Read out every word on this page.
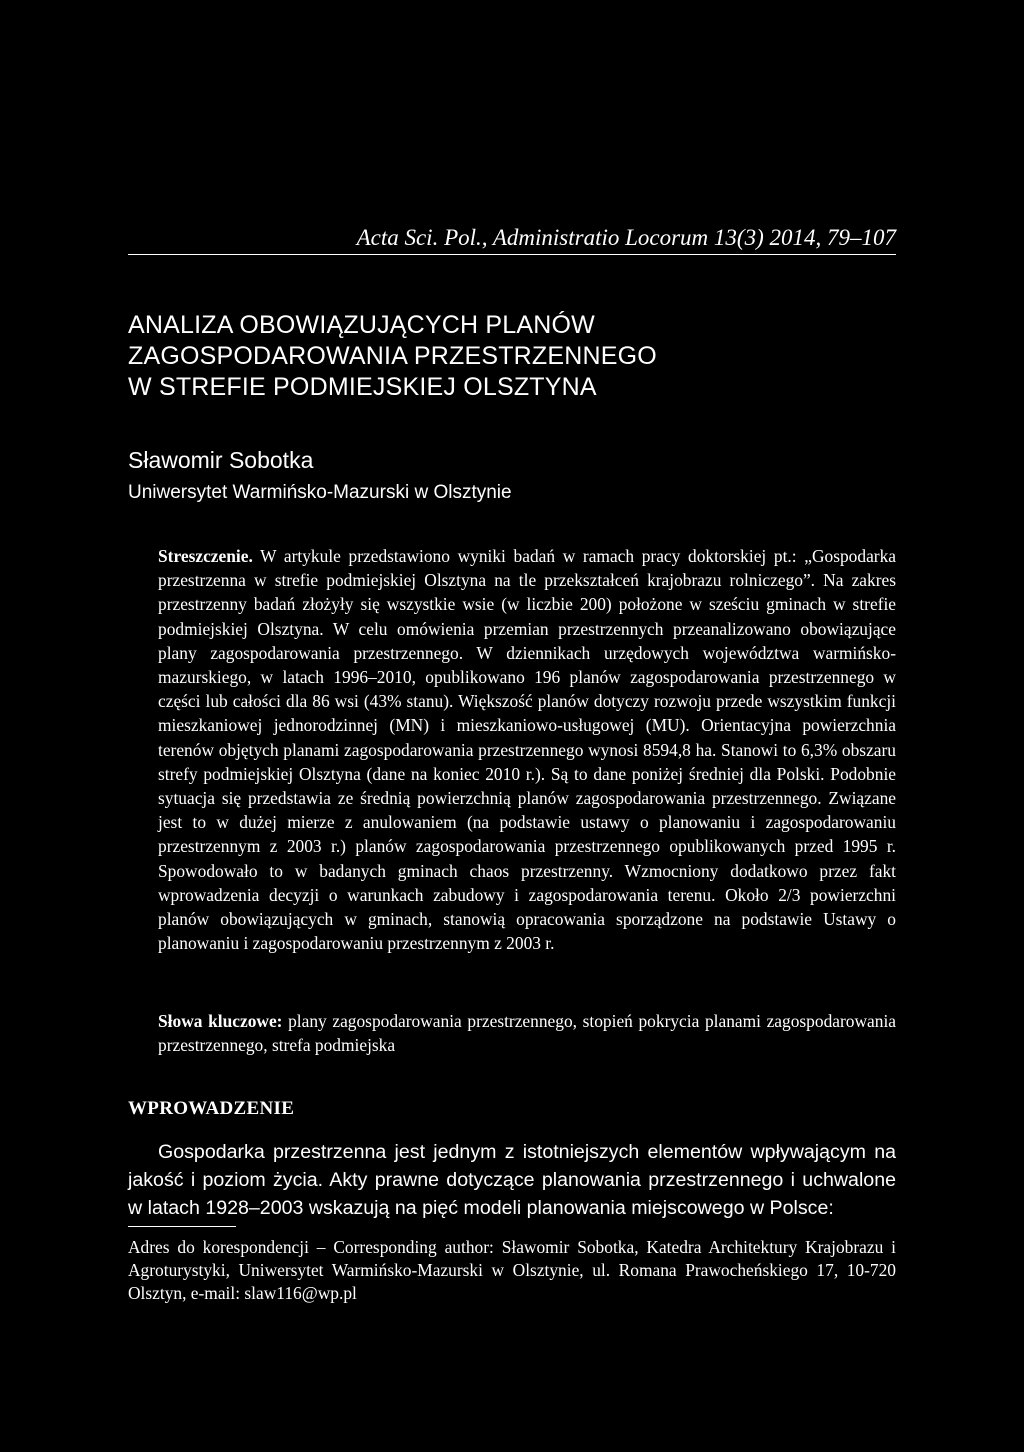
Acta Sci. Pol., Administratio Locorum 13(3) 2014, 79–107
ANALIZA OBOWIĄZUJĄCYCH PLANÓW
ZAGOSPODAROWANIA PRZESTRZENNEGO
W STREFIE PODMIEJSKIEJ OLSZTYNA
Sławomir Sobotka
Uniwersytet Warmińsko-Mazurski w Olsztynie

Streszczenie. W artykule przedstawiono wyniki badań w ramach pracy doktorskiej pt.: „Gospodarka przestrzenna w strefie podmiejskiej Olsztyna na tle przekształceń krajobrazu rolniczego”. Na zakres przestrzenny badań złożyły się wszystkie wsie (w liczbie 200) położone w sześciu gminach w strefie podmiejskiej Olsztyna. W celu omówienia przemian przestrzennych przeanalizowano obowiązujące plany zagospodarowania przestrzennego. W dziennikach urzędowych województwa warmińsko-mazurskiego, w latach 1996–2010, opublikowano 196 planów zagospodarowania przestrzennego w części lub całości dla 86 wsi (43% stanu). Większość planów dotyczy rozwoju przede wszystkim funkcji mieszkaniowej jednorodzinnej (MN) i mieszkaniowo-usługowej (MU). Orientacyjna powierzchnia terenów objętych planami zagospodarowania przestrzennego wynosi 8594,8 ha. Stanowi to 6,3% obszaru strefy podmiejskiej Olsztyna (dane na koniec 2010 r.). Są to dane poniżej średniej dla Polski. Podobnie sytuacja się przedstawia ze średnią powierzchnią planów zagospodarowania przestrzennego. Związane jest to w dużej mierze z anulowaniem (na podstawie ustawy o planowaniu i zagospodarowaniu przestrzennym z 2003 r.) planów zagospodarowania przestrzennego opublikowanych przed 1995 r. Spowodowało to w badanych gminach chaos przestrzenny. Wzmocniony dodatkowo przez fakt wprowadzenia decyzji o warunkach zabudowy i zagospodarowania terenu. Około 2/3 powierzchni planów obowiązujących w gminach, stanowią opracowania sporządzone na podstawie Ustawy o planowaniu i zagospodarowaniu przestrzennym z 2003 r.

Słowa kluczowe: plany zagospodarowania przestrzennego, stopień pokrycia planami zagospodarowania przestrzennego, strefa podmiejska

WPROWADZENIE

Gospodarka przestrzenna jest jednym z istotniejszych elementów wpływającym na jakość i poziom życia. Akty prawne dotyczące planowania przestrzennego i uchwalone w latach 1928–2003 wskazują na pięć modeli planowania miejscowego w Polsce:

Adres do korespondencji – Corresponding author: Sławomir Sobotka, Katedra Architektury Krajobrazu i Agroturystyki, Uniwersytet Warmińsko-Mazurski w Olsztynie, ul. Romana Prawocheńskiego 17, 10-720 Olsztyn, e-mail: slaw116@wp.pl
